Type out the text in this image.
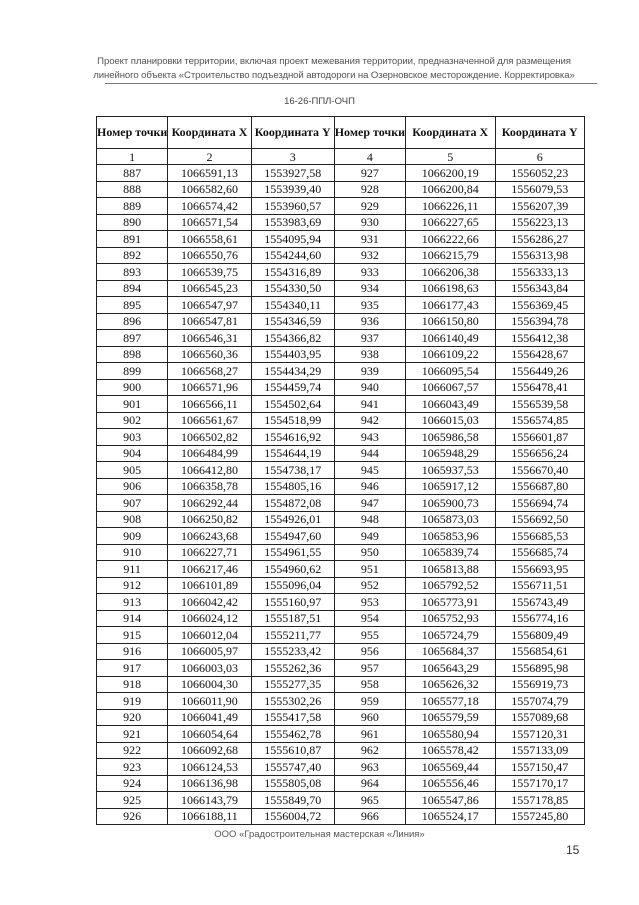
Проект планировки территории, включая проект межевания территории, предназначенной для размещения
линейного объекта «Строительство подъездной автодороги на Озерновское месторождение. Корректировка»
16-26-ППЛ-ОЧП
Номер точки	Координата X	Координата Y	Номер точки	Координата X	Координата Y
1	2	3	4	5	6
887	1066591,13	1553927,58	927	1066200,19	1556052,23
888	1066582,60	1553939,40	928	1066200,84	1556079,53
889	1066574,42	1553960,57	929	1066226,11	1556207,39
890	1066571,54	1553983,69	930	1066227,65	1556223,13
891	1066558,61	1554095,94	931	1066222,66	1556286,27
892	1066550,76	1554244,60	932	1066215,79	1556313,98
893	1066539,75	1554316,89	933	1066206,38	1556333,13
894	1066545,23	1554330,50	934	1066198,63	1556343,84
895	1066547,97	1554340,11	935	1066177,43	1556369,45
896	1066547,81	1554346,59	936	1066150,80	1556394,78
897	1066546,31	1554366,82	937	1066140,49	1556412,38
898	1066560,36	1554403,95	938	1066109,22	1556428,67
899	1066568,27	1554434,29	939	1066095,54	1556449,26
900	1066571,96	1554459,74	940	1066067,57	1556478,41
901	1066566,11	1554502,64	941	1066043,49	1556539,58
902	1066561,67	1554518,99	942	1066015,03	1556574,85
903	1066502,82	1554616,92	943	1065986,58	1556601,87
904	1066484,99	1554644,19	944	1065948,29	1556656,24
905	1066412,80	1554738,17	945	1065937,53	1556670,40
906	1066358,78	1554805,16	946	1065917,12	1556687,80
907	1066292,44	1554872,08	947	1065900,73	1556694,74
908	1066250,82	1554926,01	948	1065873,03	1556692,50
909	1066243,68	1554947,60	949	1065853,96	1556685,53
910	1066227,71	1554961,55	950	1065839,74	1556685,74
911	1066217,46	1554960,62	951	1065813,88	1556693,95
912	1066101,89	1555096,04	952	1065792,52	1556711,51
913	1066042,42	1555160,97	953	1065773,91	1556743,49
914	1066024,12	1555187,51	954	1065752,93	1556774,16
915	1066012,04	1555211,77	955	1065724,79	1556809,49
916	1066005,97	1555233,42	956	1065684,37	1556854,61
917	1066003,03	1555262,36	957	1065643,29	1556895,98
918	1066004,30	1555277,35	958	1065626,32	1556919,73
919	1066011,90	1555302,26	959	1065577,18	1557074,79
920	1066041,49	1555417,58	960	1065579,59	1557089,68
921	1066054,64	1555462,78	961	1065580,94	1557120,31
922	1066092,68	1555610,87	962	1065578,42	1557133,09
923	1066124,53	1555747,40	963	1065569,44	1557150,47
924	1066136,98	1555805,08	964	1065556,46	1557170,17
925	1066143,79	1555849,70	965	1065547,86	1557178,85
926	1066188,11	1556004,72	966	1065524,17	1557245,80
ООО «Градостроительная мастерская «Линия»
15
